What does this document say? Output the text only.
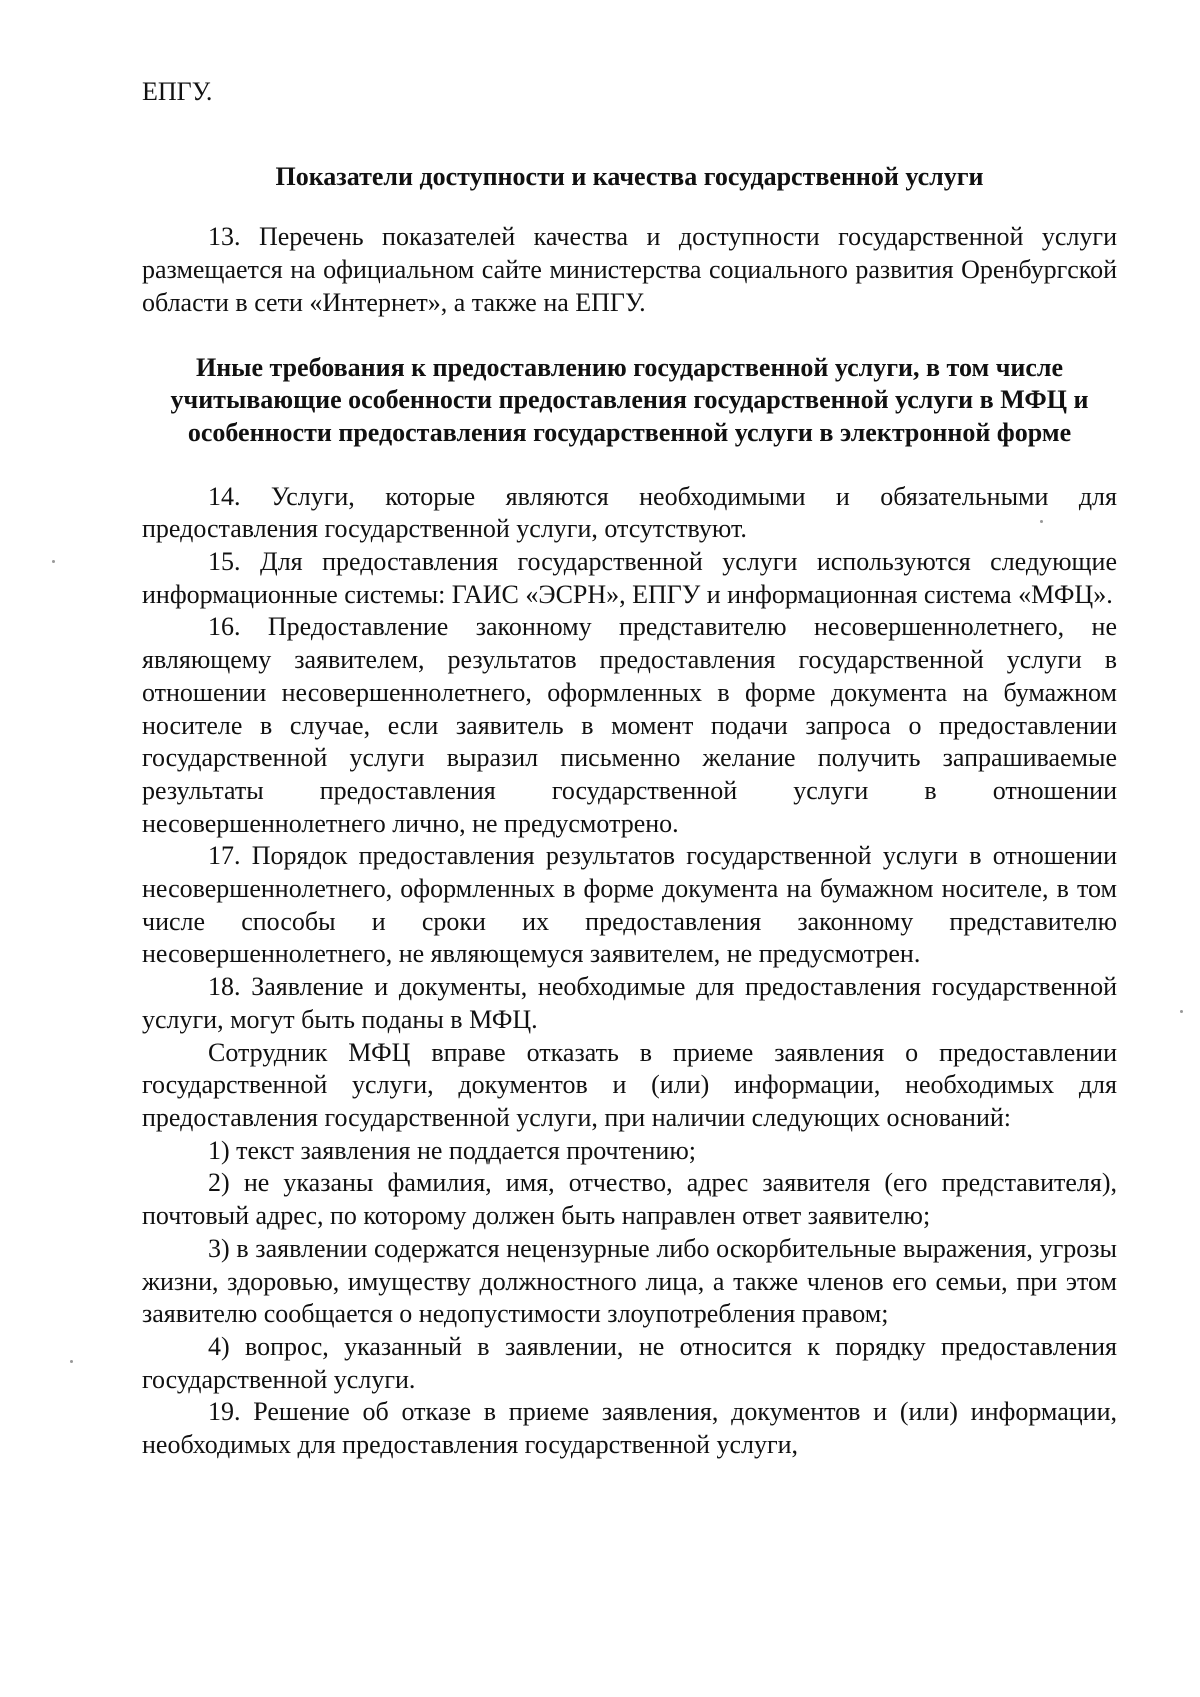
ЕПГУ.

Показатели доступности и качества государственной услуги

13. Перечень показателей качества и доступности государственной услуги размещается на официальном сайте министерства социального развития Оренбургской области в сети «Интернет», а также на ЕПГУ.

Иные требования к предоставлению государственной услуги, в том числе учитывающие особенности предоставления государственной услуги в МФЦ и особенности предоставления государственной услуги в электронной форме

14. Услуги, которые являются необходимыми и обязательными для предоставления государственной услуги, отсутствуют.

15. Для предоставления государственной услуги используются следующие информационные системы: ГАИС «ЭСРН», ЕПГУ и информационная система «МФЦ».

16. Предоставление законному представителю несовершеннолетнего, не являющему заявителем, результатов предоставления государственной услуги в отношении несовершеннолетнего, оформленных в форме документа на бумажном носителе в случае, если заявитель в момент подачи запроса о предоставлении государственной услуги выразил письменно желание получить запрашиваемые результаты предоставления государственной услуги в отношении несовершеннолетнего лично, не предусмотрено.

17. Порядок предоставления результатов государственной услуги в отношении несовершеннолетнего, оформленных в форме документа на бумажном носителе, в том числе способы и сроки их предоставления законному представителю несовершеннолетнего, не являющемуся заявителем, не предусмотрен.

18. Заявление и документы, необходимые для предоставления государственной услуги, могут быть поданы в МФЦ.

Сотрудник МФЦ вправе отказать в приеме заявления о предоставлении государственной услуги, документов и (или) информации, необходимых для предоставления государственной услуги, при наличии следующих оснований:

1) текст заявления не поддается прочтению;

2) не указаны фамилия, имя, отчество, адрес заявителя (его представителя), почтовый адрес, по которому должен быть направлен ответ заявителю;

3) в заявлении содержатся нецензурные либо оскорбительные выражения, угрозы жизни, здоровью, имуществу должностного лица, а также членов его семьи, при этом заявителю сообщается о недопустимости злоупотребления правом;

4) вопрос, указанный в заявлении, не относится к порядку предоставления государственной услуги.

19. Решение об отказе в приеме заявления, документов и (или) информации, необходимых для предоставления государственной услуги,
